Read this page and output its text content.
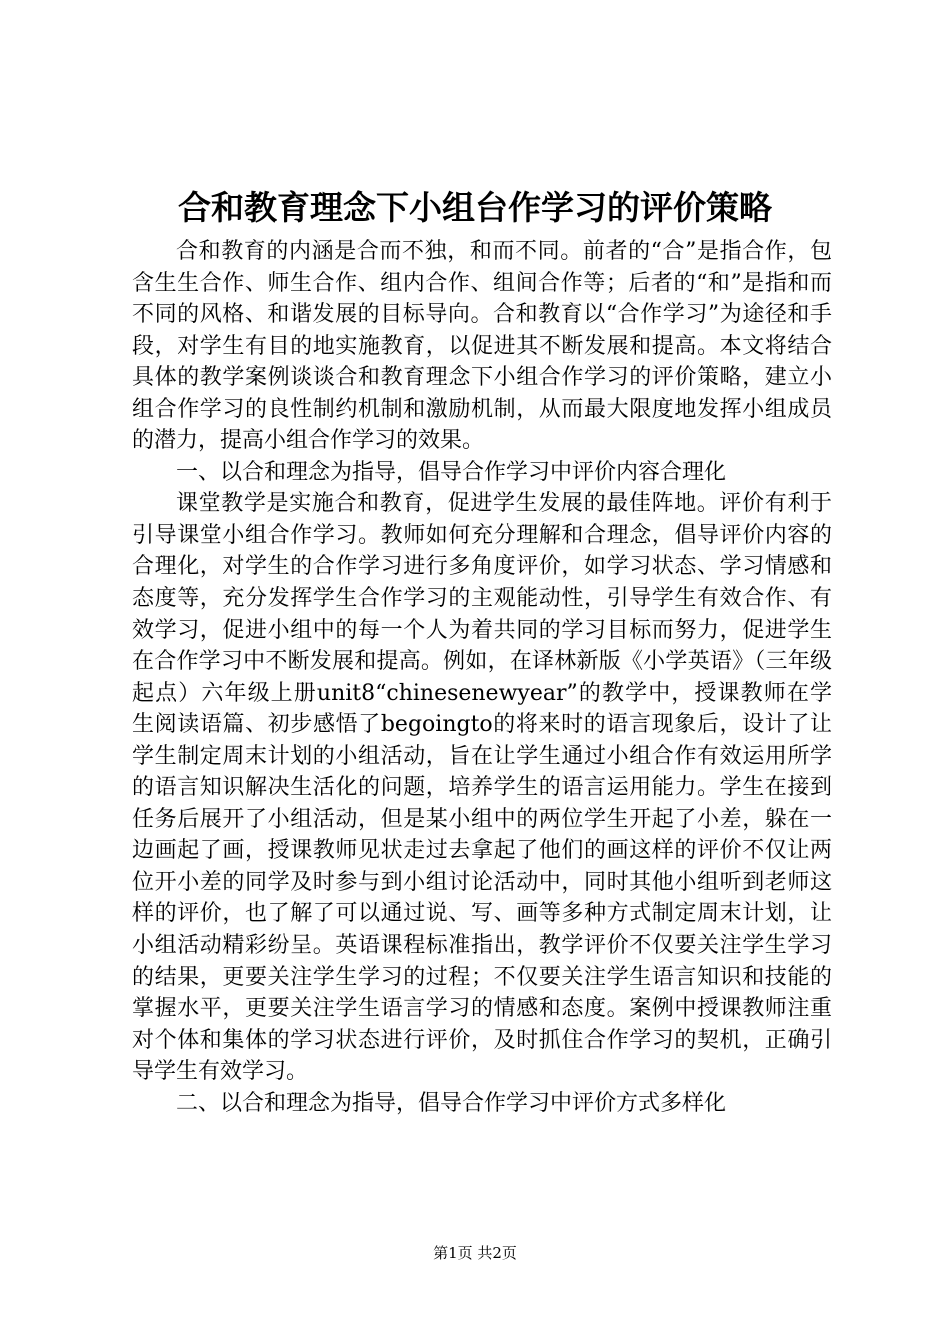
合和教育理念下小组台作学习的评价策略

合和教育的内涵是合而不独，和而不同。前者的“合”是指合作，包含生生合作、师生合作、组内合作、组间合作等；后者的“和”是指和而不同的风格、和谐发展的目标导向。合和教育以“合作学习”为途径和手段，对学生有目的地实施教育，以促进其不断发展和提高。本文将结合具体的教学案例谈谈合和教育理念下小组合作学习的评价策略，建立小组合作学习的良性制约机制和激励机制，从而最大限度地发挥小组成员的潜力，提高小组合作学习的效果。

一、以合和理念为指导，倡导合作学习中评价内容合理化

课堂教学是实施合和教育，促进学生发展的最佳阵地。评价有利于引导课堂小组合作学习。教师如何充分理解和合理念，倡导评价内容的合理化，对学生的合作学习进行多角度评价，如学习状态、学习情感和态度等，充分发挥学生合作学习的主观能动性，引导学生有效合作、有效学习，促进小组中的每一个人为着共同的学习目标而努力，促进学生在合作学习中不断发展和提高。例如，在译林新版《小学英语》（三年级起点）六年级上册unit8“chinesenewyear”的教学中，授课教师在学生阅读语篇、初步感悟了begoingto的将来时的语言现象后，设计了让学生制定周末计划的小组活动，旨在让学生通过小组合作有效运用所学的语言知识解决生活化的问题，培养学生的语言运用能力。学生在接到任务后展开了小组活动，但是某小组中的两位学生开起了小差，躲在一边画起了画，授课教师见状走过去拿起了他们的画这样的评价不仅让两位开小差的同学及时参与到小组讨论活动中，同时其他小组听到老师这样的评价，也了解了可以通过说、写、画等多种方式制定周末计划，让小组活动精彩纷呈。英语课程标准指出，教学评价不仅要关注学生学习的结果，更要关注学生学习的过程；不仅要关注学生语言知识和技能的掌握水平，更要关注学生语言学习的情感和态度。案例中授课教师注重对个体和集体的学习状态进行评价，及时抓住合作学习的契机，正确引导学生有效学习。

二、以合和理念为指导，倡导合作学习中评价方式多样化

第1页 共2页
